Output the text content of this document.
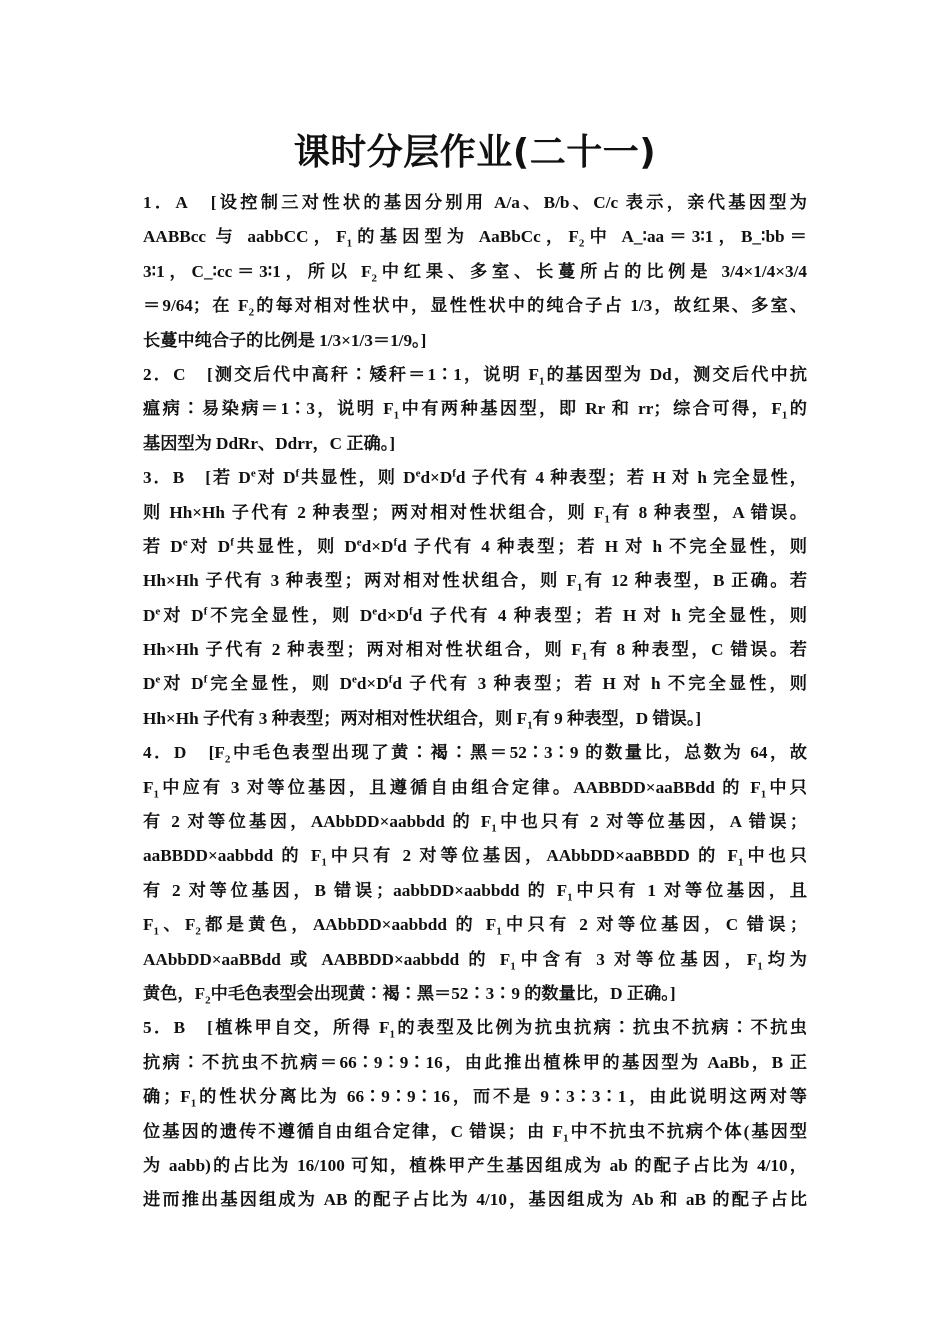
课时分层作业(二十一)
1．A　[设控制三对性状的基因分别用 A/a、B/b、C/c 表示，亲代基因型为
AABBcc 与 aabbCC，$F_1$的基因型为 AaBbCc，$F_2$中 A_∶aa＝3∶1，B_∶bb＝
3∶1，C_∶cc＝3∶1，所以 $F_2$中红果、多室、长蔓所占的比例是 3/4×1/4×3/4
＝9/64；在 $F_2$的每对相对性状中，显性性状中的纯合子占 1/3，故红果、多室、
长蔓中纯合子的比例是 1/3×1/3＝1/9。]
2．C　[测交后代中高秆∶矮秆＝1∶1，说明 $F_1$的基因型为 Dd，测交后代中抗
瘟病∶易染病＝1∶3，说明 $F_1$中有两种基因型，即 Rr 和 rr；综合可得，$F_1$的
基因型为 DdRr、Ddrr，C 正确。]
3．B　[若 De对 $D^f$共显性，则 $D^ed\times D^fd$ 子代有 4 种表型；若 H 对 h 完全显性，
则 Hh×Hh 子代有 2 种表型；两对相对性状组合，则 $F_1$有 8 种表型，A 错误。
若 De对 $D^f$共显性，则 $D^ed\times D^fd$ 子代有 4 种表型；若 H 对 h 不完全显性，则
Hh×Hh 子代有 3 种表型；两对相对性状组合，则 $F_1$有 12 种表型，B 正确。若
De对 $D^f$不完全显性，则 $D^ed\times D^fd$ 子代有 4 种表型；若 H 对 h 完全显性，则
Hh×Hh 子代有 2 种表型；两对相对性状组合，则 $F_1$有 8 种表型，C 错误。若
De对 $D^f$完全显性，则 $D^ed\times D^fd$ 子代有 3 种表型；若 H 对 h 不完全显性，则
Hh×Hh 子代有 3 种表型；两对相对性状组合，则 $F_1$有 9 种表型，D 错误。]
4．D　[$F_2$中毛色表型出现了黄∶褐∶黑＝52∶3∶9 的数量比，总数为 64，故
$F_1$中应有 3 对等位基因，且遵循自由组合定律。AABBDD×aaBBdd 的 $F_1$中只
有 2 对等位基因，AAbbDD×aabbdd 的 $F_1$中也只有 2 对等位基因，A 错误；
aaBBDD×aabbdd 的 $F_1$中只有 2 对等位基因，AAbbDD×aaBBDD 的 $F_1$中也只
有 2 对等位基因，B 错误；aabbDD×aabbdd 的 $F_1$中只有 1 对等位基因，且
$F_1$、$F_2$都是黄色，AAbbDD×aabbdd 的 $F_1$中只有 2 对等位基因，C 错误；
AAbbDD×aaBBdd 或 AABBDD×aabbdd 的 $F_1$中含有 3 对等位基因，$F_1$均为
黄色，$F_2$中毛色表型会出现黄∶褐∶黑＝52∶3∶9 的数量比，D 正确。]
5．B　[植株甲自交，所得 $F_1$的表型及比例为抗虫抗病∶抗虫不抗病∶不抗虫
抗病∶不抗虫不抗病＝66∶9∶9∶16，由此推出植株甲的基因型为 AaBb，B 正
确；$F_1$的性状分离比为 66∶9∶9∶16，而不是 9∶3∶3∶1，由此说明这两对等
位基因的遗传不遵循自由组合定律，C 错误；由 $F_1$中不抗虫不抗病个体(基因型
为 aabb)的占比为 16/100 可知，植株甲产生基因组成为 ab 的配子占比为 4/10，
进而推出基因组成为 AB 的配子占比为 4/10，基因组成为 Ab 和 aB 的配子占比
